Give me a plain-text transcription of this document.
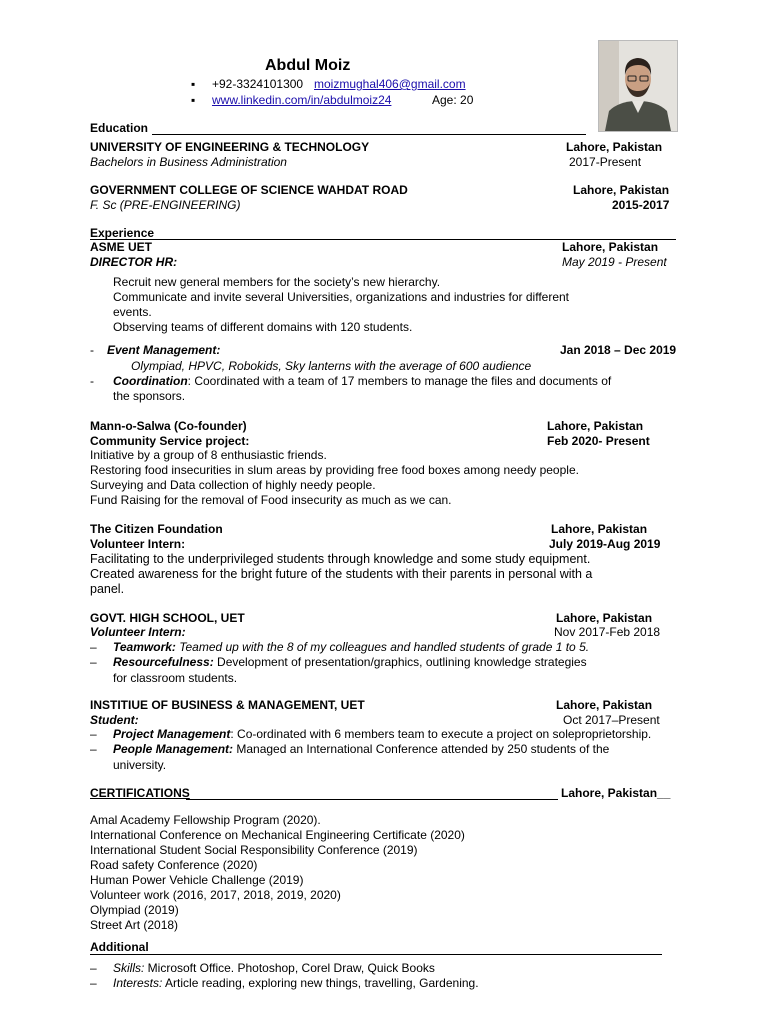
Abdul Moiz
▪ +92-3324101300 moizmughal406@gmail.com
▪ www.linkedin.com/in/abdulmoiz24	Age: 20
Education
UNIVERSITY OF ENGINEERING & TECHNOLOGY	Lahore, Pakistan
Bachelors in Business Administration	2017-Present
GOVERNMENT COLLEGE OF SCIENCE WAHDAT ROAD	Lahore, Pakistan
F. Sc (PRE-ENGINEERING)	2015-2017
Experience
ASME UET	Lahore, Pakistan
DIRECTOR HR:	May 2019 - Present
Recruit new general members for the society’s new hierarchy.
Communicate and invite several Universities, organizations and industries for different
events.
Observing teams of different domains with 120 students.
- Event Management:	Jan 2018 – Dec 2019
Olympiad, HPVC, Robokids, Sky lanterns with the average of 600 audience
- Coordination: Coordinated with a team of 17 members to manage the files and documents of
the sponsors.
Mann-o-Salwa (Co-founder)	Lahore, Pakistan
Community Service project:	Feb 2020- Present
Initiative by a group of 8 enthusiastic friends.
Restoring food insecurities in slum areas by providing free food boxes among needy people.
Surveying and Data collection of highly needy people.
Fund Raising for the removal of Food insecurity as much as we can.
The Citizen Foundation	Lahore, Pakistan
Volunteer Intern:	July 2019-Aug 2019
Facilitating to the underprivileged students through knowledge and some study equipment.
Created awareness for the bright future of the students with their parents in personal with a
panel.
GOVT. HIGH SCHOOL, UET	Lahore, Pakistan
Volunteer Intern:	Nov 2017-Feb 2018
– Teamwork: Teamed up with the 8 of my colleagues and handled students of grade 1 to 5.
– Resourcefulness: Development of presentation/graphics, outlining knowledge strategies
for classroom students.
INSTITIUE OF BUSINESS & MANAGEMENT, UET	Lahore, Pakistan
Student:	Oct 2017–Present
– Project Management: Co-ordinated with 6 members team to execute a project on soleproprietorship.
– People Management: Managed an International Conference attended by 250 students of the
university.
CERTIFICATIONS	Lahore, Pakistan__
Amal Academy Fellowship Program (2020).
International Conference on Mechanical Engineering Certificate (2020)
International Student Social Responsibility Conference (2019)
Road safety Conference (2020)
Human Power Vehicle Challenge (2019)
Volunteer work (2016, 2017, 2018, 2019, 2020)
Olympiad (2019)
Street Art (2018)
Additional
– Skills: Microsoft Office. Photoshop, Corel Draw, Quick Books
– Interests: Article reading, exploring new things, travelling, Gardening.
